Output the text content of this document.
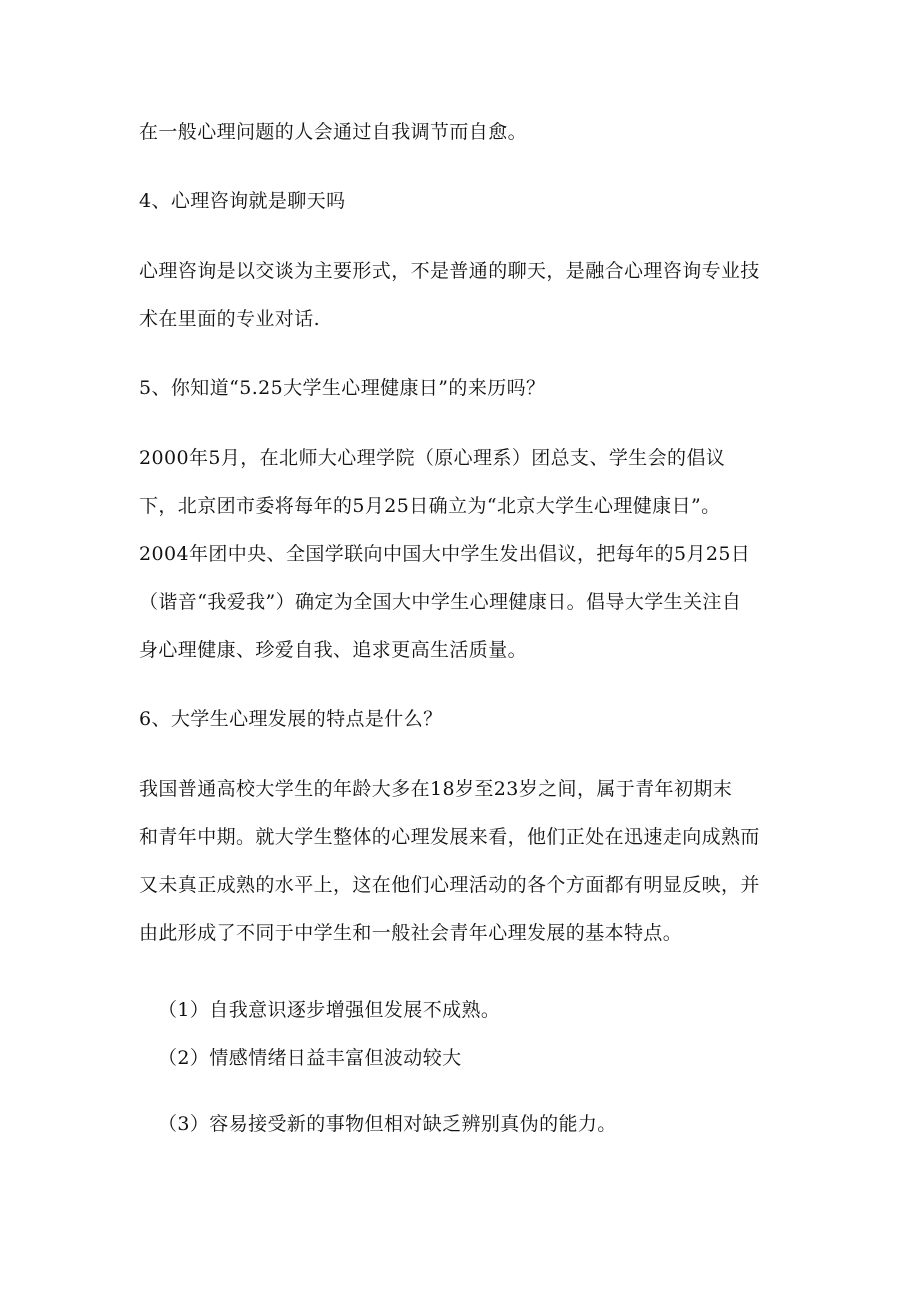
在一般心理问题的人会通过自我调节而自愈。
4、心理咨询就是聊天吗
心理咨询是以交谈为主要形式，不是普通的聊天，是融合心理咨询专业技
术在里面的专业对话.
5、你知道“5.25大学生心理健康日”的来历吗？
2000年5月，在北师大心理学院（原心理系）团总支、学生会的倡议
下，北京团市委将每年的5月25日确立为“北京大学生心理健康日”。
2004年团中央、全国学联向中国大中学生发出倡议，把每年的5月25日
（谐音“我爱我”）确定为全国大中学生心理健康日。倡导大学生关注自
身心理健康、珍爱自我、追求更高生活质量。
6、大学生心理发展的特点是什么？
我国普通高校大学生的年龄大多在18岁至23岁之间，属于青年初期末
和青年中期。就大学生整体的心理发展来看，他们正处在迅速走向成熟而
又未真正成熟的水平上，这在他们心理活动的各个方面都有明显反映，并
由此形成了不同于中学生和一般社会青年心理发展的基本特点。
（1）自我意识逐步增强但发展不成熟。
（2）情感情绪日益丰富但波动较大
（3）容易接受新的事物但相对缺乏辨别真伪的能力。
